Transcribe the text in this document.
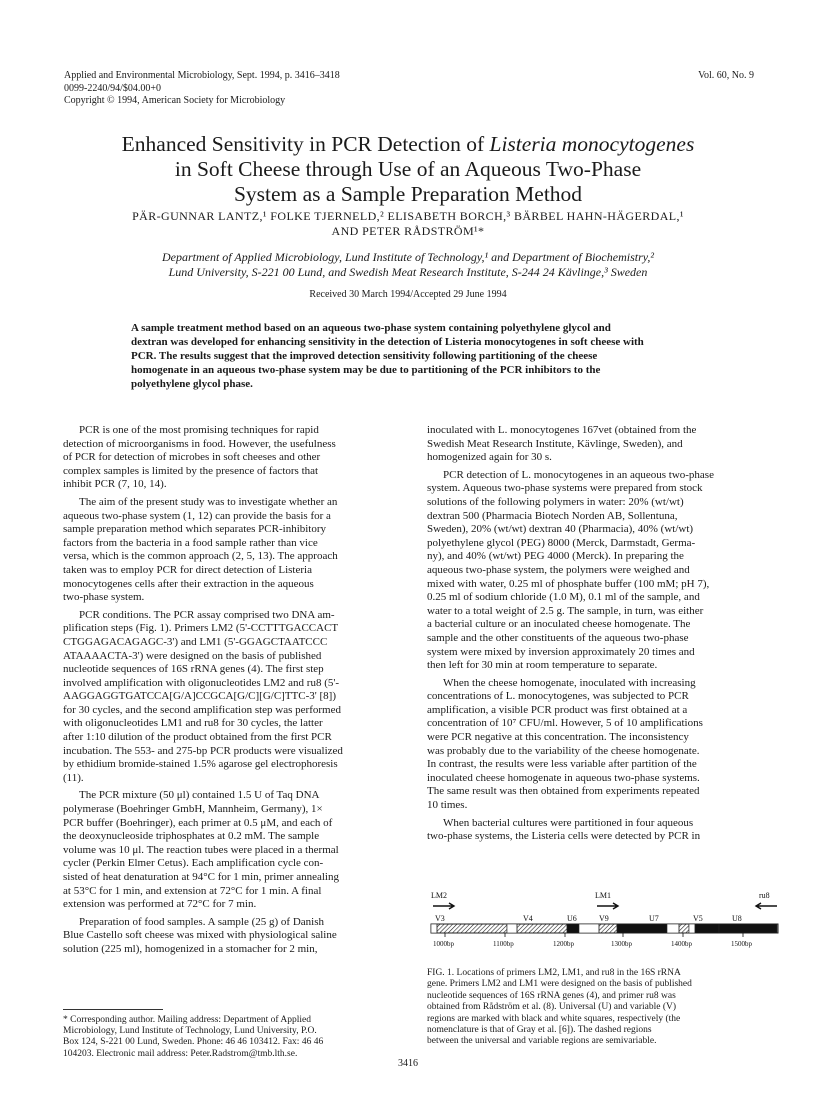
Applied and Environmental Microbiology, Sept. 1994, p. 3416–3418
0099-2240/94/$04.00+0
Copyright © 1994, American Society for Microbiology
Vol. 60, No. 9
Enhanced Sensitivity in PCR Detection of Listeria monocytogenes
in Soft Cheese through Use of an Aqueous Two-Phase
System as a Sample Preparation Method
PÄR-GUNNAR LANTZ,¹ FOLKE TJERNELD,² ELISABETH BORCH,³ BÄRBEL HAHN-HÄGERDAL,¹
AND PETER RÅDSTRÖM¹*
Department of Applied Microbiology, Lund Institute of Technology,¹ and Department of Biochemistry,²
Lund University, S-221 00 Lund, and Swedish Meat Research Institute, S-244 24 Kävlinge,³ Sweden
Received 30 March 1994/Accepted 29 June 1994
A sample treatment method based on an aqueous two-phase system containing polyethylene glycol and
dextran was developed for enhancing sensitivity in the detection of Listeria monocytogenes in soft cheese with
PCR. The results suggest that the improved detection sensitivity following partitioning of the cheese
homogenate in an aqueous two-phase system may be due to partitioning of the PCR inhibitors to the
polyethylene glycol phase.
PCR is one of the most promising techniques for rapid
detection of microorganisms in food. However, the usefulness
of PCR for detection of microbes in soft cheeses and other
complex samples is limited by the presence of factors that
inhibit PCR (7, 10, 14).
The aim of the present study was to investigate whether an
aqueous two-phase system (1, 12) can provide the basis for a
sample preparation method which separates PCR-inhibitory
factors from the bacteria in a food sample rather than vice
versa, which is the common approach (2, 5, 13). The approach
taken was to employ PCR for direct detection of Listeria
monocytogenes cells after their extraction in the aqueous
two-phase system.
PCR conditions. The PCR assay comprised two DNA am-
plification steps (Fig. 1). Primers LM2 (5'-CCTTTGACCACT
CTGGAGACAGAGC-3') and LM1 (5'-GGAGCTAATCCC
ATAAAACTA-3') were designed on the basis of published
nucleotide sequences of 16S rRNA genes (4). The first step
involved amplification with oligonucleotides LM2 and ru8 (5'-
AAGGAGGTGATCCA[G/A]CCGCA[G/C][G/C]TTC-3' [8])
for 30 cycles, and the second amplification step was performed
with oligonucleotides LM1 and ru8 for 30 cycles, the latter
after 1:10 dilution of the product obtained from the first PCR
incubation. The 553- and 275-bp PCR products were visualized
by ethidium bromide-stained 1.5% agarose gel electrophoresis
(11).
The PCR mixture (50 μl) contained 1.5 U of Taq DNA
polymerase (Boehringer GmbH, Mannheim, Germany), 1×
PCR buffer (Boehringer), each primer at 0.5 μM, and each of
the deoxynucleoside triphosphates at 0.2 mM. The sample
volume was 10 μl. The reaction tubes were placed in a thermal
cycler (Perkin Elmer Cetus). Each amplification cycle con-
sisted of heat denaturation at 94°C for 1 min, primer annealing
at 53°C for 1 min, and extension at 72°C for 1 min. A final
extension was performed at 72°C for 7 min.
Preparation of food samples. A sample (25 g) of Danish
Blue Castello soft cheese was mixed with physiological saline
solution (225 ml), homogenized in a stomacher for 2 min,
inoculated with L. monocytogenes 167vet (obtained from the
Swedish Meat Research Institute, Kävlinge, Sweden), and
homogenized again for 30 s.
PCR detection of L. monocytogenes in an aqueous two-phase
system. Aqueous two-phase systems were prepared from stock
solutions of the following polymers in water: 20% (wt/wt)
dextran 500 (Pharmacia Biotech Norden AB, Sollentuna,
Sweden), 20% (wt/wt) dextran 40 (Pharmacia), 40% (wt/wt)
polyethylene glycol (PEG) 8000 (Merck, Darmstadt, Germa-
ny), and 40% (wt/wt) PEG 4000 (Merck). In preparing the
aqueous two-phase system, the polymers were weighed and
mixed with water, 0.25 ml of phosphate buffer (100 mM; pH 7),
0.25 ml of sodium chloride (1.0 M), 0.1 ml of the sample, and
water to a total weight of 2.5 g. The sample, in turn, was either
a bacterial culture or an inoculated cheese homogenate. The
sample and the other constituents of the aqueous two-phase
system were mixed by inversion approximately 20 times and
then left for 30 min at room temperature to separate.
When the cheese homogenate, inoculated with increasing
concentrations of L. monocytogenes, was subjected to PCR
amplification, a visible PCR product was first obtained at a
concentration of 10⁷ CFU/ml. However, 5 of 10 amplifications
were PCR negative at this concentration. The inconsistency
was probably due to the variability of the cheese homogenate.
In contrast, the results were less variable after partition of the
inoculated cheese homogenate in aqueous two-phase systems.
The same result was then obtained from experiments repeated
10 times.
When bacterial cultures were partitioned in four aqueous
two-phase systems, the Listeria cells were detected by PCR in
V3	V4	U6	V9	U7	V5	U8
LM2	LM1	ru8
1000bp	1100bp	1200bp	1300bp	1400bp	1500bp
FIG. 1. Locations of primers LM2, LM1, and ru8 in the 16S rRNA
gene. Primers LM2 and LM1 were designed on the basis of published
nucleotide sequences of 16S rRNA genes (4), and primer ru8 was
obtained from Rådström et al. (8). Universal (U) and variable (V)
regions are marked with black and white squares, respectively (the
nomenclature is that of Gray et al. [6]). The dashed regions
between the universal and variable regions are semivariable.
* Corresponding author. Mailing address: Department of Applied
Microbiology, Lund Institute of Technology, Lund University, P.O.
Box 124, S-221 00 Lund, Sweden. Phone: 46 46 103412. Fax: 46 46
104203. Electronic mail address: Peter.Radstrom@tmb.lth.se.
3416
